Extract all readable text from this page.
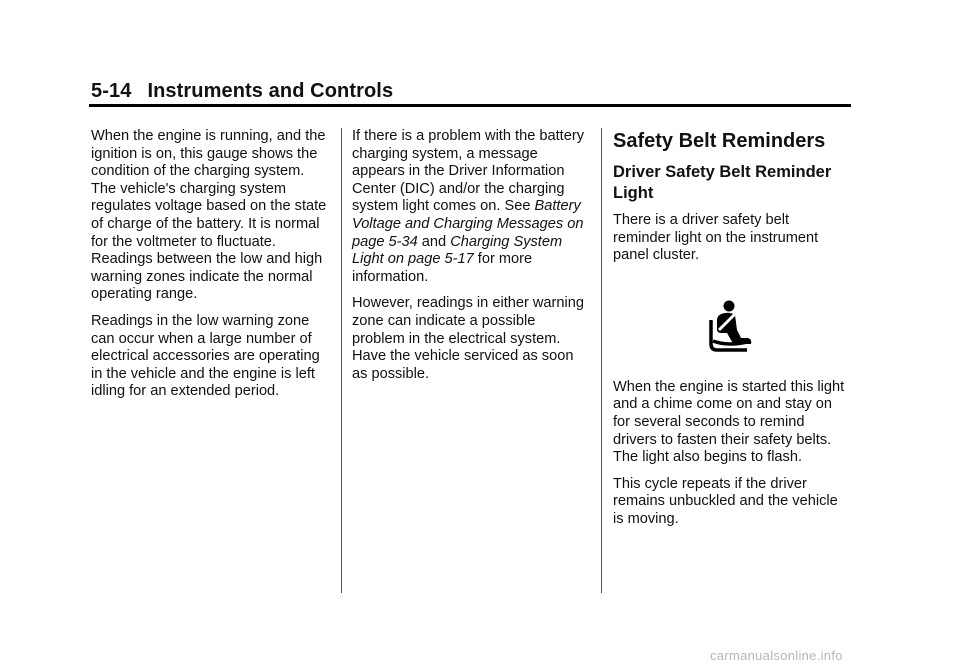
5-14 Instruments and Controls

When the engine is running, and the ignition is on, this gauge shows the condition of the charging system. The vehicle's charging system regulates voltage based on the state of charge of the battery. It is normal for the voltmeter to fluctuate. Readings between the low and high warning zones indicate the normal operating range.

Readings in the low warning zone can occur when a large number of electrical accessories are operating in the vehicle and the engine is left idling for an extended period.

If there is a problem with the battery charging system, a message appears in the Driver Information Center (DIC) and/or the charging system light comes on. See Battery Voltage and Charging Messages on page 5-34 and Charging System Light on page 5-17 for more information.

However, readings in either warning zone can indicate a possible problem in the electrical system. Have the vehicle serviced as soon as possible.

Safety Belt Reminders
Driver Safety Belt Reminder Light

There is a driver safety belt reminder light on the instrument panel cluster.

When the engine is started this light and a chime come on and stay on for several seconds to remind drivers to fasten their safety belts. The light also begins to flash.

This cycle repeats if the driver remains unbuckled and the vehicle is moving.

carmanualsonline.info
